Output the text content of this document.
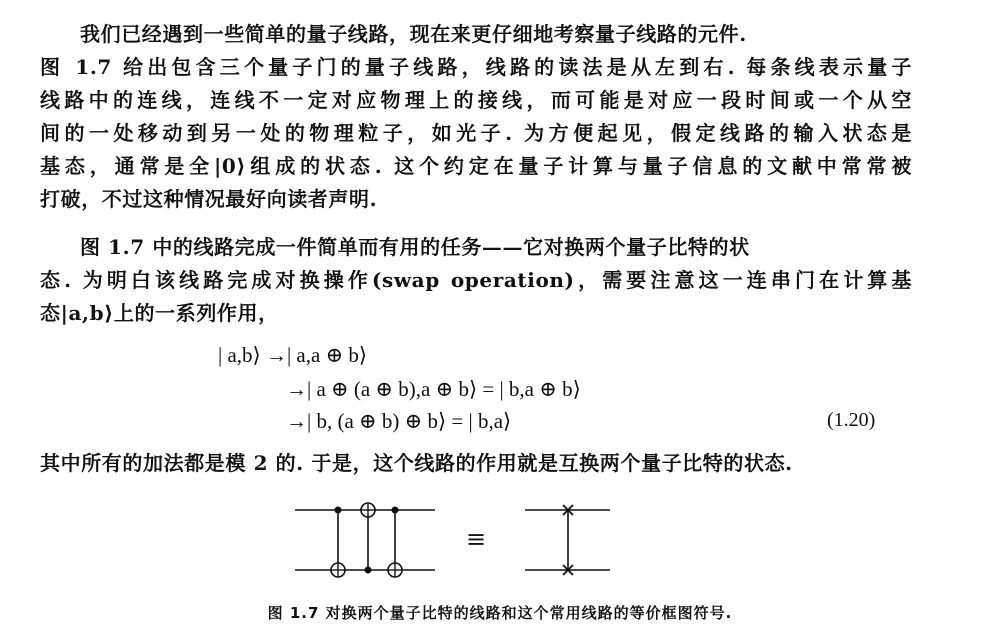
我们已经遇到一些简单的量子线路，现在来更仔细地考察量子线路的元件.
图 1.7 给出包含三个量子门的量子线路，线路的读法是从左到右. 每条线表示量子
线路中的连线，连线不一定对应物理上的接线，而可能是对应一段时间或一个从空
间的一处移动到另一处的物理粒子，如光子. 为方便起见，假定线路的输入状态是
基态，通常是全|0⟩组成的状态. 这个约定在量子计算与量子信息的文献中常常被
打破，不过这种情况最好向读者声明.
图 1.7 中的线路完成一件简单而有用的任务——它对换两个量子比特的状
态. 为明白该线路完成对换操作(swap operation)，需要注意这一连串门在计算基
态|a,b⟩上的一系列作用，
| a,b⟩ →| a,a ⊕ b⟩
→| a ⊕ (a ⊕ b),a ⊕ b⟩ = | b,a ⊕ b⟩
→| b, (a ⊕ b) ⊕ b⟩ = | b,a⟩	(1.20)
其中所有的加法都是模 2 的. 于是，这个线路的作用就是互换两个量子比特的状态.
≡
图 1.7 对换两个量子比特的线路和这个常用线路的等价框图符号.
